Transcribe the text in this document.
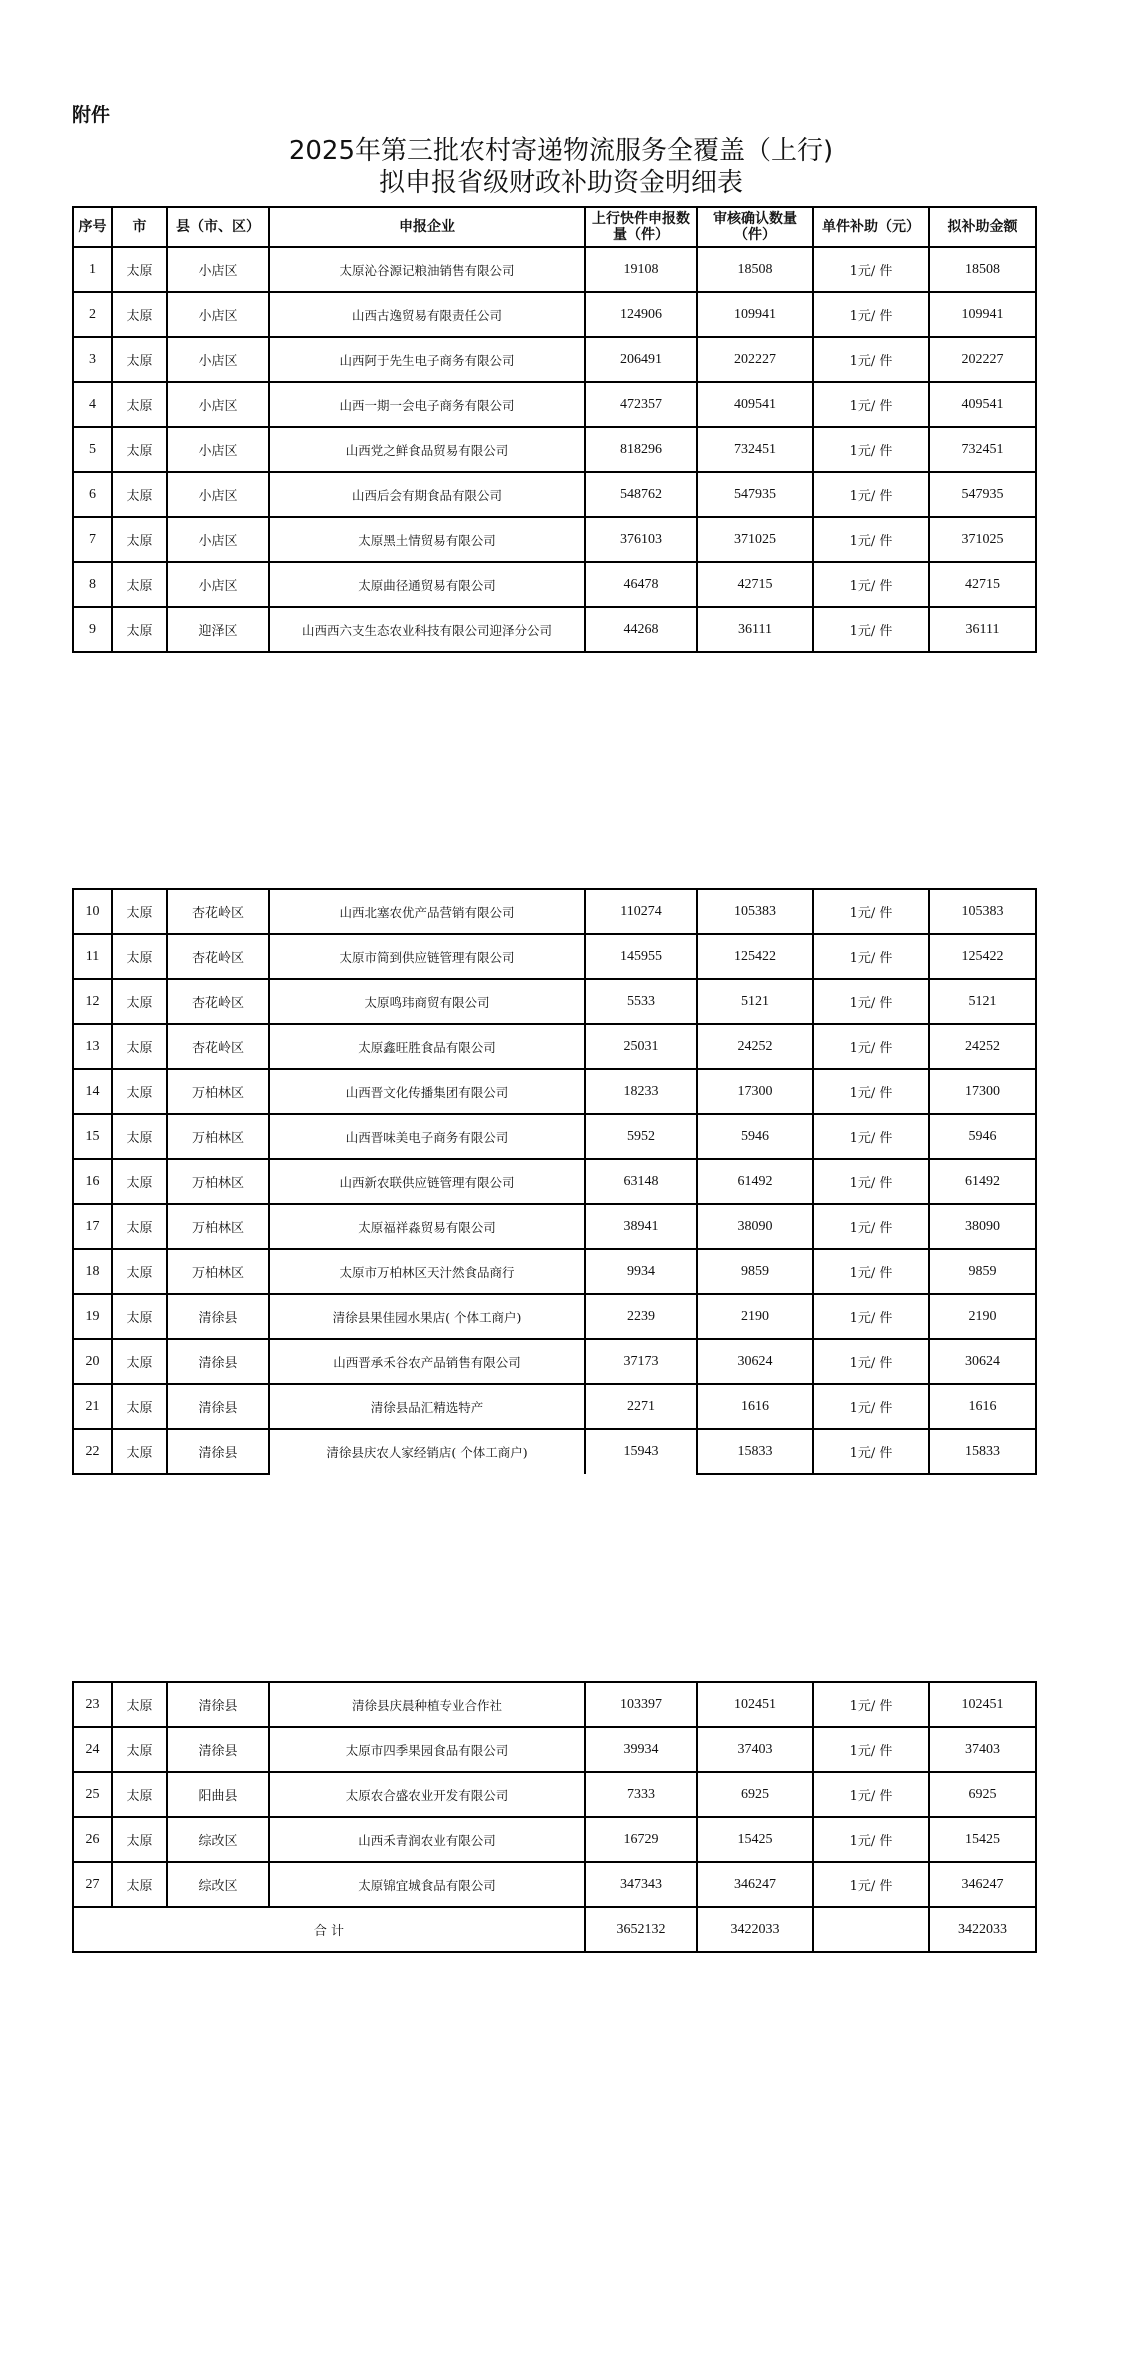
附件
2025年第三批农村寄递物流服务全覆盖（上行)
拟申报省级财政补助资金明细表
序号	市	县（市、区）	申报企业	上行快件申报数量（件）	审核确认数量（件）	单件补助（元）	拟补助金额
1	太原	小店区	太原沁谷源记粮油销售有限公司	19108	18508	1元/ 件	18508
2	太原	小店区	山西古逸贸易有限责任公司	124906	109941	1元/ 件	109941
3	太原	小店区	山西阿于先生电子商务有限公司	206491	202227	1元/ 件	202227
4	太原	小店区	山西一期一会电子商务有限公司	472357	409541	1元/ 件	409541
5	太原	小店区	山西党之鲜食品贸易有限公司	818296	732451	1元/ 件	732451
6	太原	小店区	山西后会有期食品有限公司	548762	547935	1元/ 件	547935
7	太原	小店区	太原黑土情贸易有限公司	376103	371025	1元/ 件	371025
8	太原	小店区	太原曲径通贸易有限公司	46478	42715	1元/ 件	42715
9	太原	迎泽区	山西西六支生态农业科技有限公司迎泽分公司	44268	36111	1元/ 件	36111
10	太原	杏花岭区	山西北塞农优产品营销有限公司	110274	105383	1元/ 件	105383
11	太原	杏花岭区	太原市简到供应链管理有限公司	145955	125422	1元/ 件	125422
12	太原	杏花岭区	太原鸣玮商贸有限公司	5533	5121	1元/ 件	5121
13	太原	杏花岭区	太原鑫旺胜食品有限公司	25031	24252	1元/ 件	24252
14	太原	万柏林区	山西晋文化传播集团有限公司	18233	17300	1元/ 件	17300
15	太原	万柏林区	山西晋味美电子商务有限公司	5952	5946	1元/ 件	5946
16	太原	万柏林区	山西新农联供应链管理有限公司	63148	61492	1元/ 件	61492
17	太原	万柏林区	太原福祥淼贸易有限公司	38941	38090	1元/ 件	38090
18	太原	万柏林区	太原市万柏林区天汁然食品商行	9934	9859	1元/ 件	9859
19	太原	清徐县	清徐县果佳园水果店( 个体工商户)	2239	2190	1元/ 件	2190
20	太原	清徐县	山西晋承禾谷农产品销售有限公司	37173	30624	1元/ 件	30624
21	太原	清徐县	清徐县品汇精选特产	2271	1616	1元/ 件	1616
22	太原	清徐县	清徐县庆农人家经销店( 个体工商户)	15943	15833	1元/ 件	15833
23	太原	清徐县	清徐县庆晨种植专业合作社	103397	102451	1元/ 件	102451
24	太原	清徐县	太原市四季果园食品有限公司	39934	37403	1元/ 件	37403
25	太原	阳曲县	太原农合盛农业开发有限公司	7333	6925	1元/ 件	6925
26	太原	综改区	山西禾青润农业有限公司	16729	15425	1元/ 件	15425
27	太原	综改区	太原锦宜城食品有限公司	347343	346247	1元/ 件	346247
合 计				3652132	3422033		3422033
